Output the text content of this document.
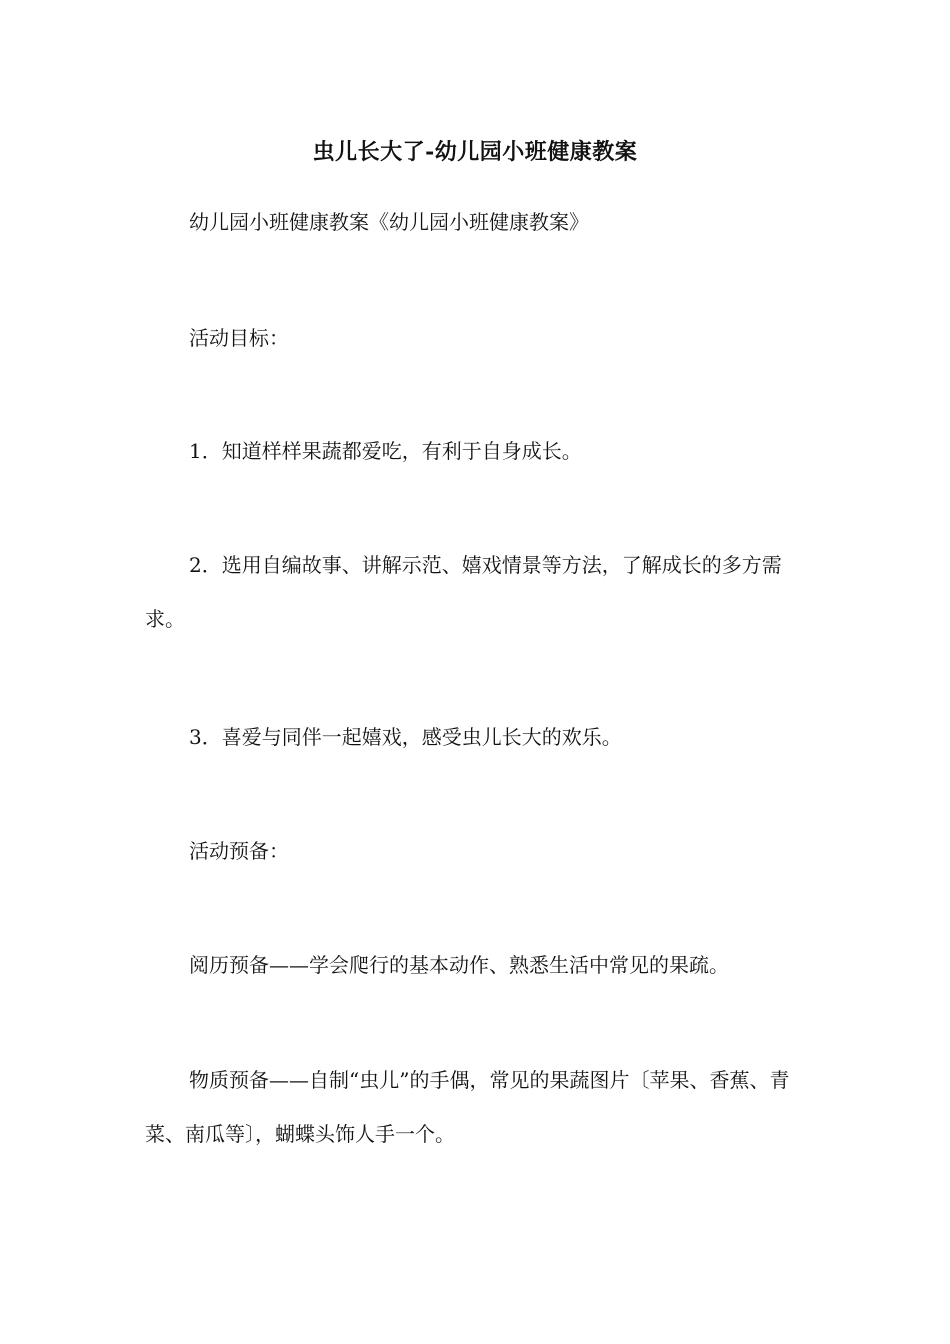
虫儿长大了-幼儿园小班健康教案
幼儿园小班健康教案《幼儿园小班健康教案》
活动目标：
1．知道样样果蔬都爱吃，有利于自身成长。
2．选用自编故事、讲解示范、嬉戏情景等方法，了解成长的多方需求。
3．喜爱与同伴一起嬉戏，感受虫儿长大的欢乐。
活动预备：
阅历预备——学会爬行的基本动作、熟悉生活中常见的果疏。
物质预备——自制“虫儿”的手偶，常见的果蔬图片〔苹果、香蕉、青菜、南瓜等〕，蝴蝶头饰人手一个。
